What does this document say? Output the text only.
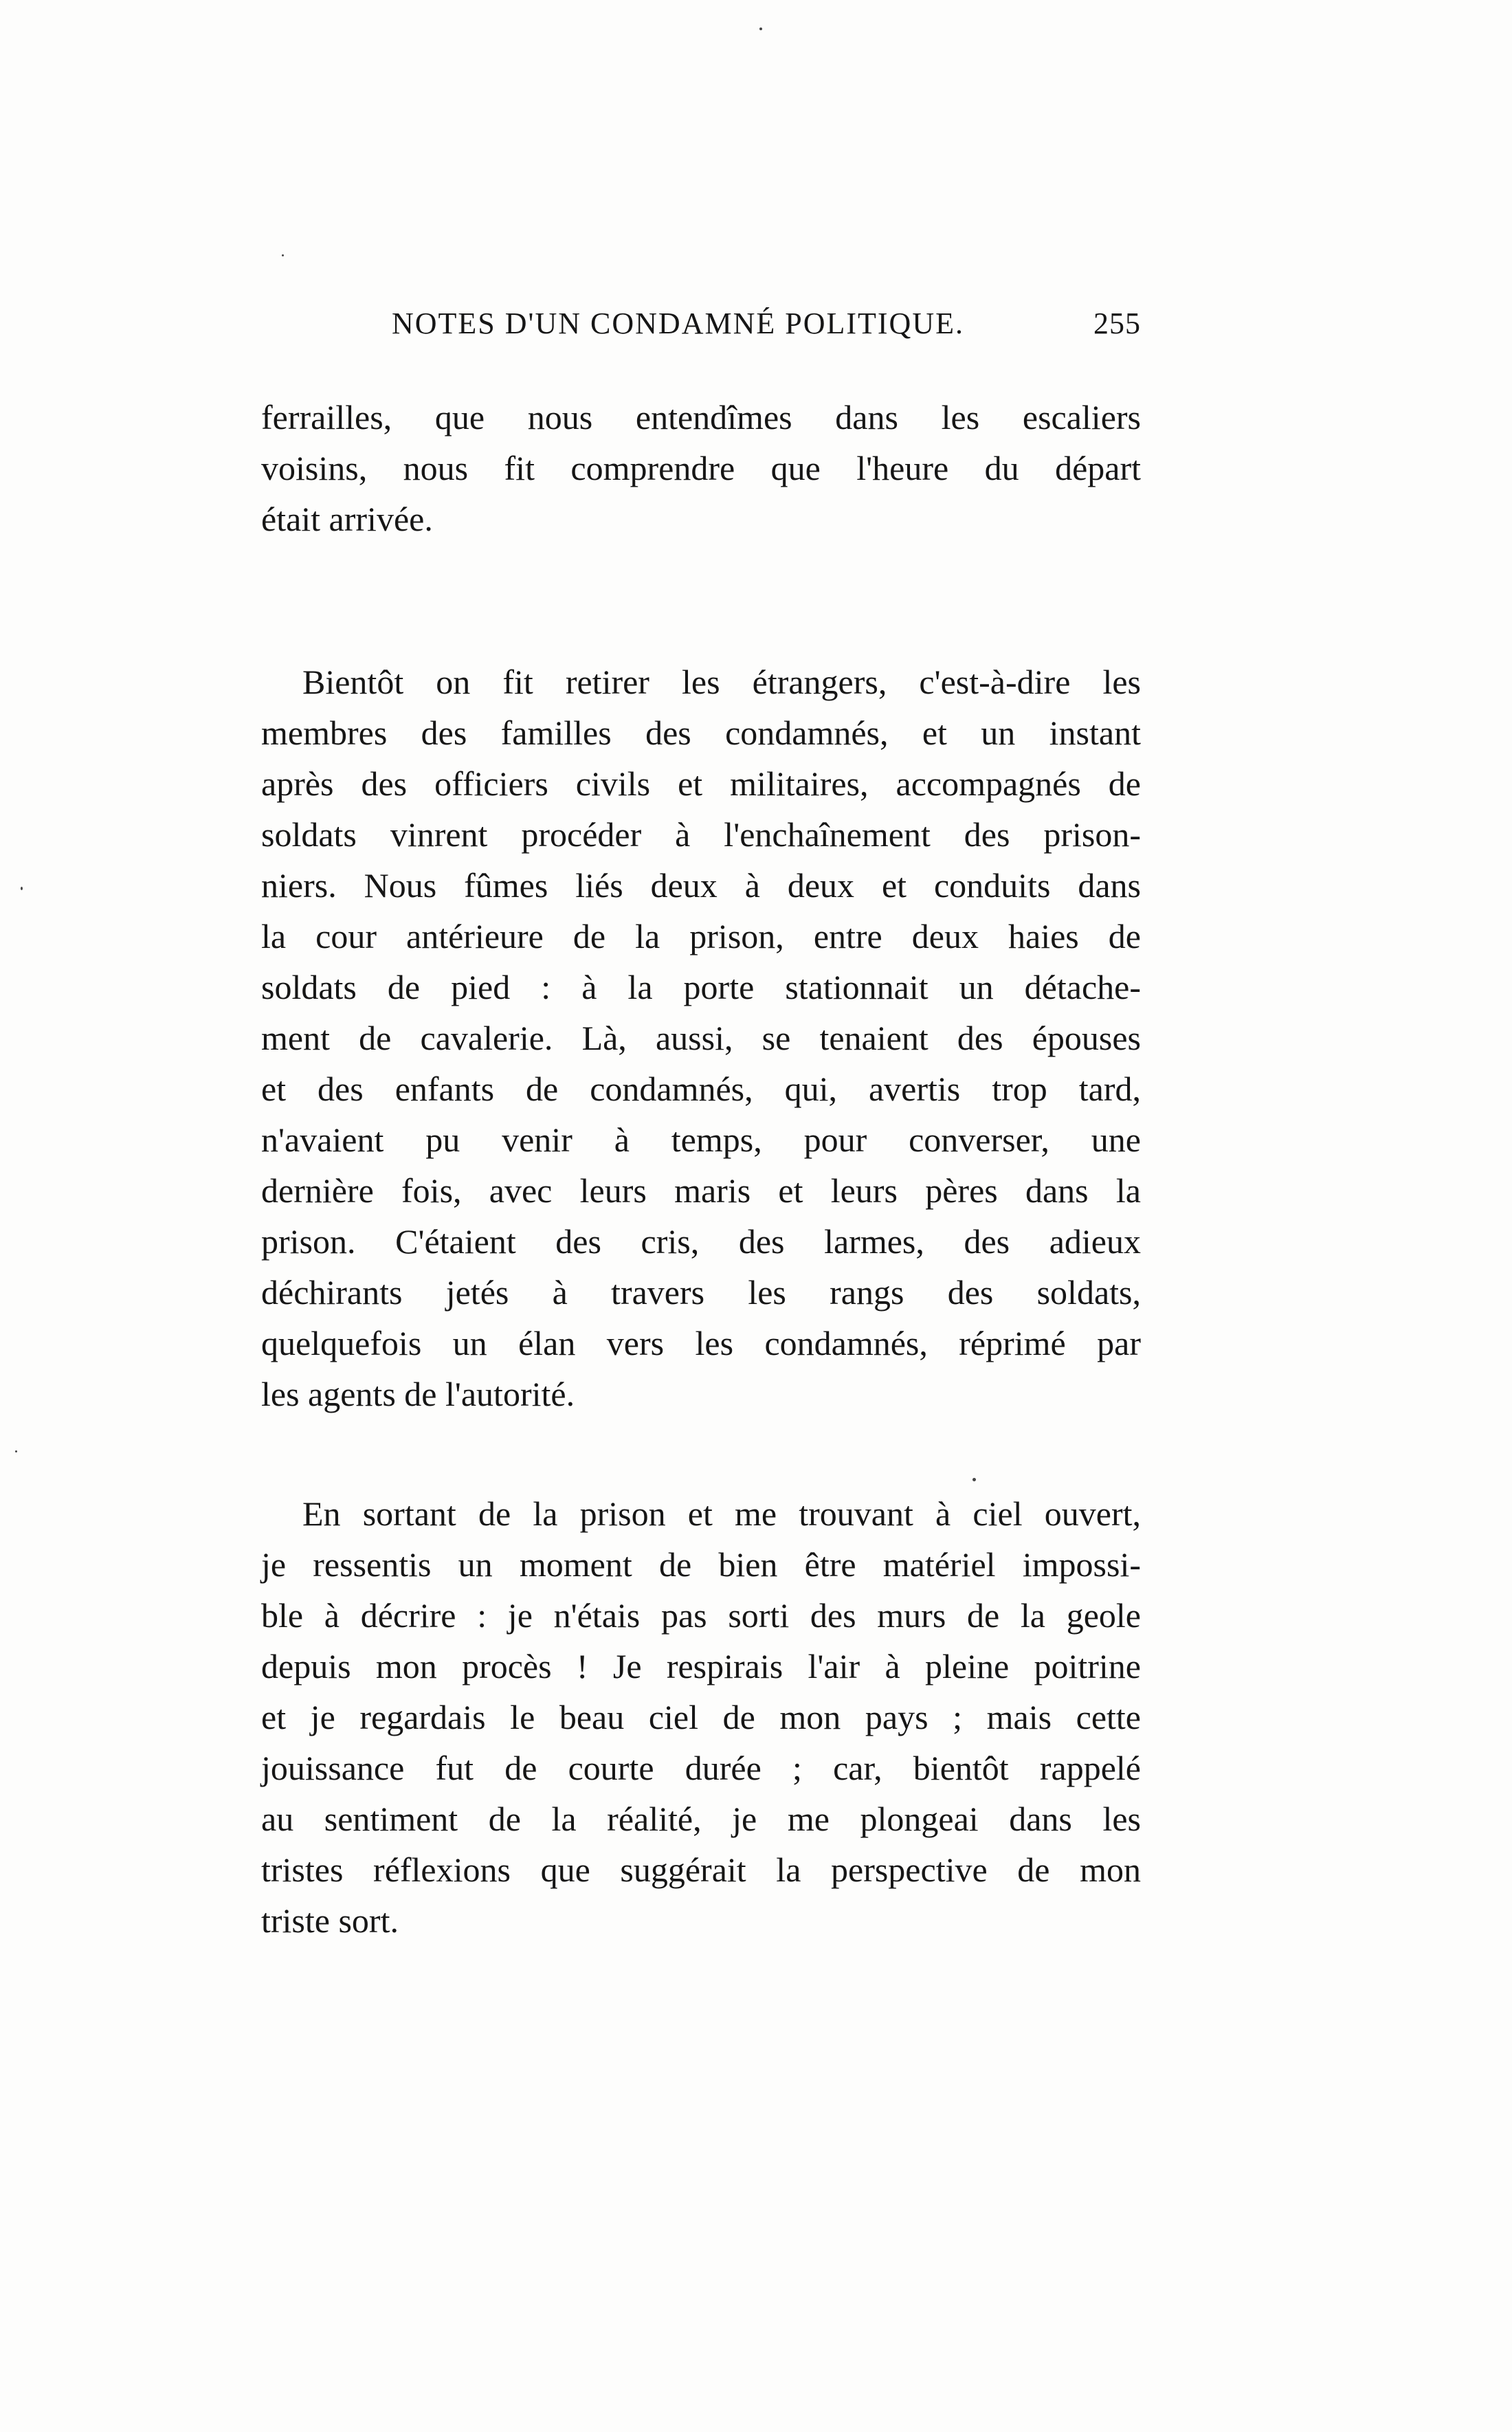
NOTES D'UN CONDAMNÉ POLITIQUE.	255
ferrailles, que nous entendîmes dans les escaliers
voisins, nous fit comprendre que l'heure du départ
était arrivée.
Bientôt on fit retirer les étrangers, c'est-à-dire les
membres des familles des condamnés, et un instant
après des officiers civils et militaires, accompagnés de
soldats vinrent procéder à l'enchaînement des prison-
niers. Nous fûmes liés deux à deux et conduits dans
la cour antérieure de la prison, entre deux haies de
soldats de pied : à la porte stationnait un détache-
ment de cavalerie. Là, aussi, se tenaient des épouses
et des enfants de condamnés, qui, avertis trop tard,
n'avaient pu venir à temps, pour converser, une
dernière fois, avec leurs maris et leurs pères dans la
prison. C'étaient des cris, des larmes, des adieux
déchirants jetés à travers les rangs des soldats,
quelquefois un élan vers les condamnés, réprimé par
les agents de l'autorité.
En sortant de la prison et me trouvant à ciel ouvert,
je ressentis un moment de bien être matériel impossi-
ble à décrire : je n'étais pas sorti des murs de la geole
depuis mon procès ! Je respirais l'air à pleine poitrine
et je regardais le beau ciel de mon pays ; mais cette
jouissance fut de courte durée ; car, bientôt rappelé
au sentiment de la réalité, je me plongeai dans les
tristes réflexions que suggérait la perspective de mon
triste sort.
